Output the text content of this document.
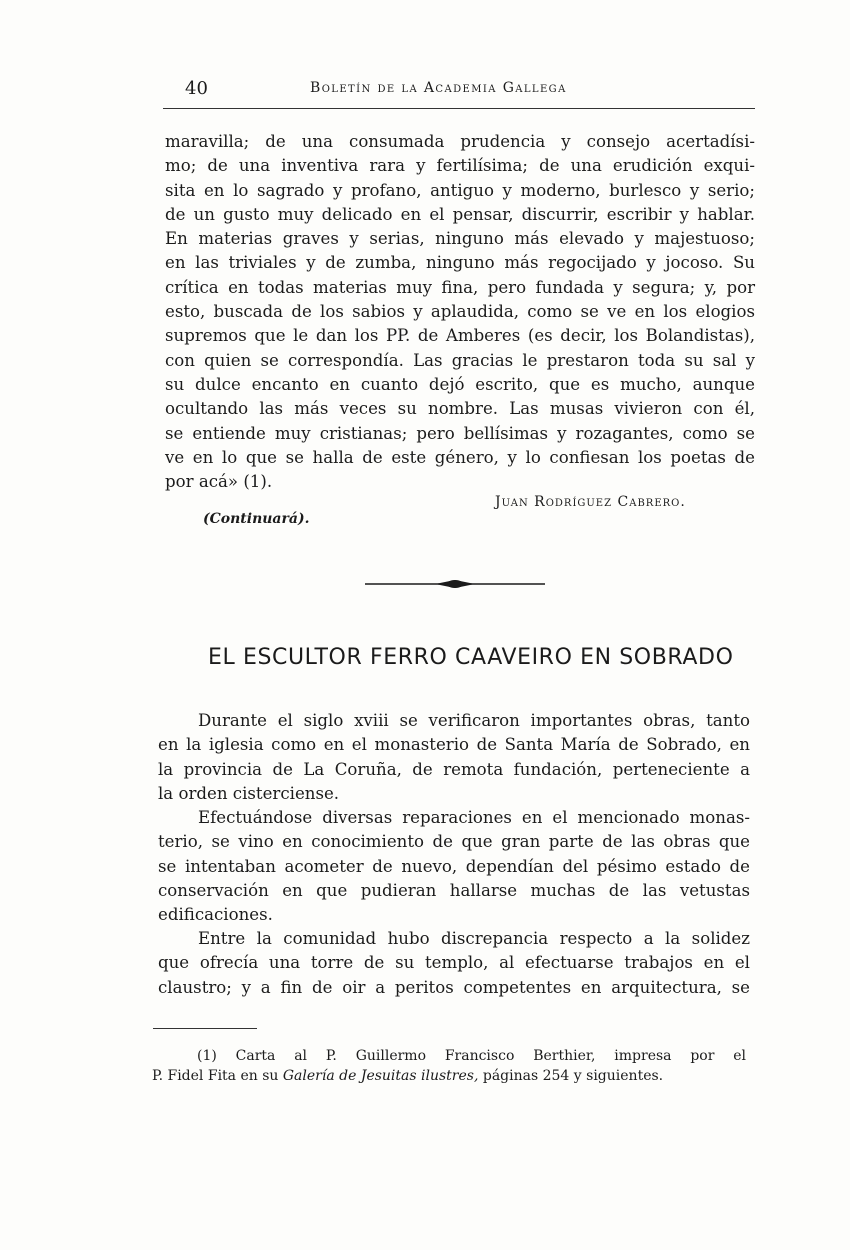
40	Boletín de la Academia Gallega
maravilla; de una consumada prudencia y consejo acertadísi-
mo; de una inventiva rara y fertilísima; de una erudición exqui-
sita en lo sagrado y profano, antiguo y moderno, burlesco y serio;
de un gusto muy delicado en el pensar, discurrir, escribir y hablar.
En materias graves y serias, ninguno más elevado y majestuoso;
en las triviales y de zumba, ninguno más regocijado y jocoso. Su
crítica en todas materias muy fina, pero fundada y segura; y, por
esto, buscada de los sabios y aplaudida, como se ve en los elogios
supremos que le dan los PP. de Amberes (es decir, los Bolandistas),
con quien se correspondía. Las gracias le prestaron toda su sal y
su dulce encanto en cuanto dejó escrito, que es mucho, aunque
ocultando las más veces su nombre. Las musas vivieron con él,
se entiende muy cristianas; pero bellísimas y rozagantes, como se
ve en lo que se halla de este género, y lo confiesan los poetas de
por acá» (1).
Juan Rodríguez Cabrero.
(Continuará).
EL ESCULTOR FERRO CAAVEIRO EN SOBRADO
Durante el siglo xviii se verificaron importantes obras, tanto
en la iglesia como en el monasterio de Santa María de Sobrado, en
la provincia de La Coruña, de remota fundación, perteneciente a
la orden cisterciense.
Efectuándose diversas reparaciones en el mencionado monas-
terio, se vino en conocimiento de que gran parte de las obras que
se intentaban acometer de nuevo, dependían del pésimo estado de
conservación en que pudieran hallarse muchas de las vetustas
edificaciones.
Entre la comunidad hubo discrepancia respecto a la solidez
que ofrecía una torre de su templo, al efectuarse trabajos en el
claustro; y a fin de oir a peritos competentes en arquitectura, se
(1) Carta al P. Guillermo Francisco Berthier, impresa por el
P. Fidel Fita en su Galería de Jesuitas ilustres, páginas 254 y siguientes.
